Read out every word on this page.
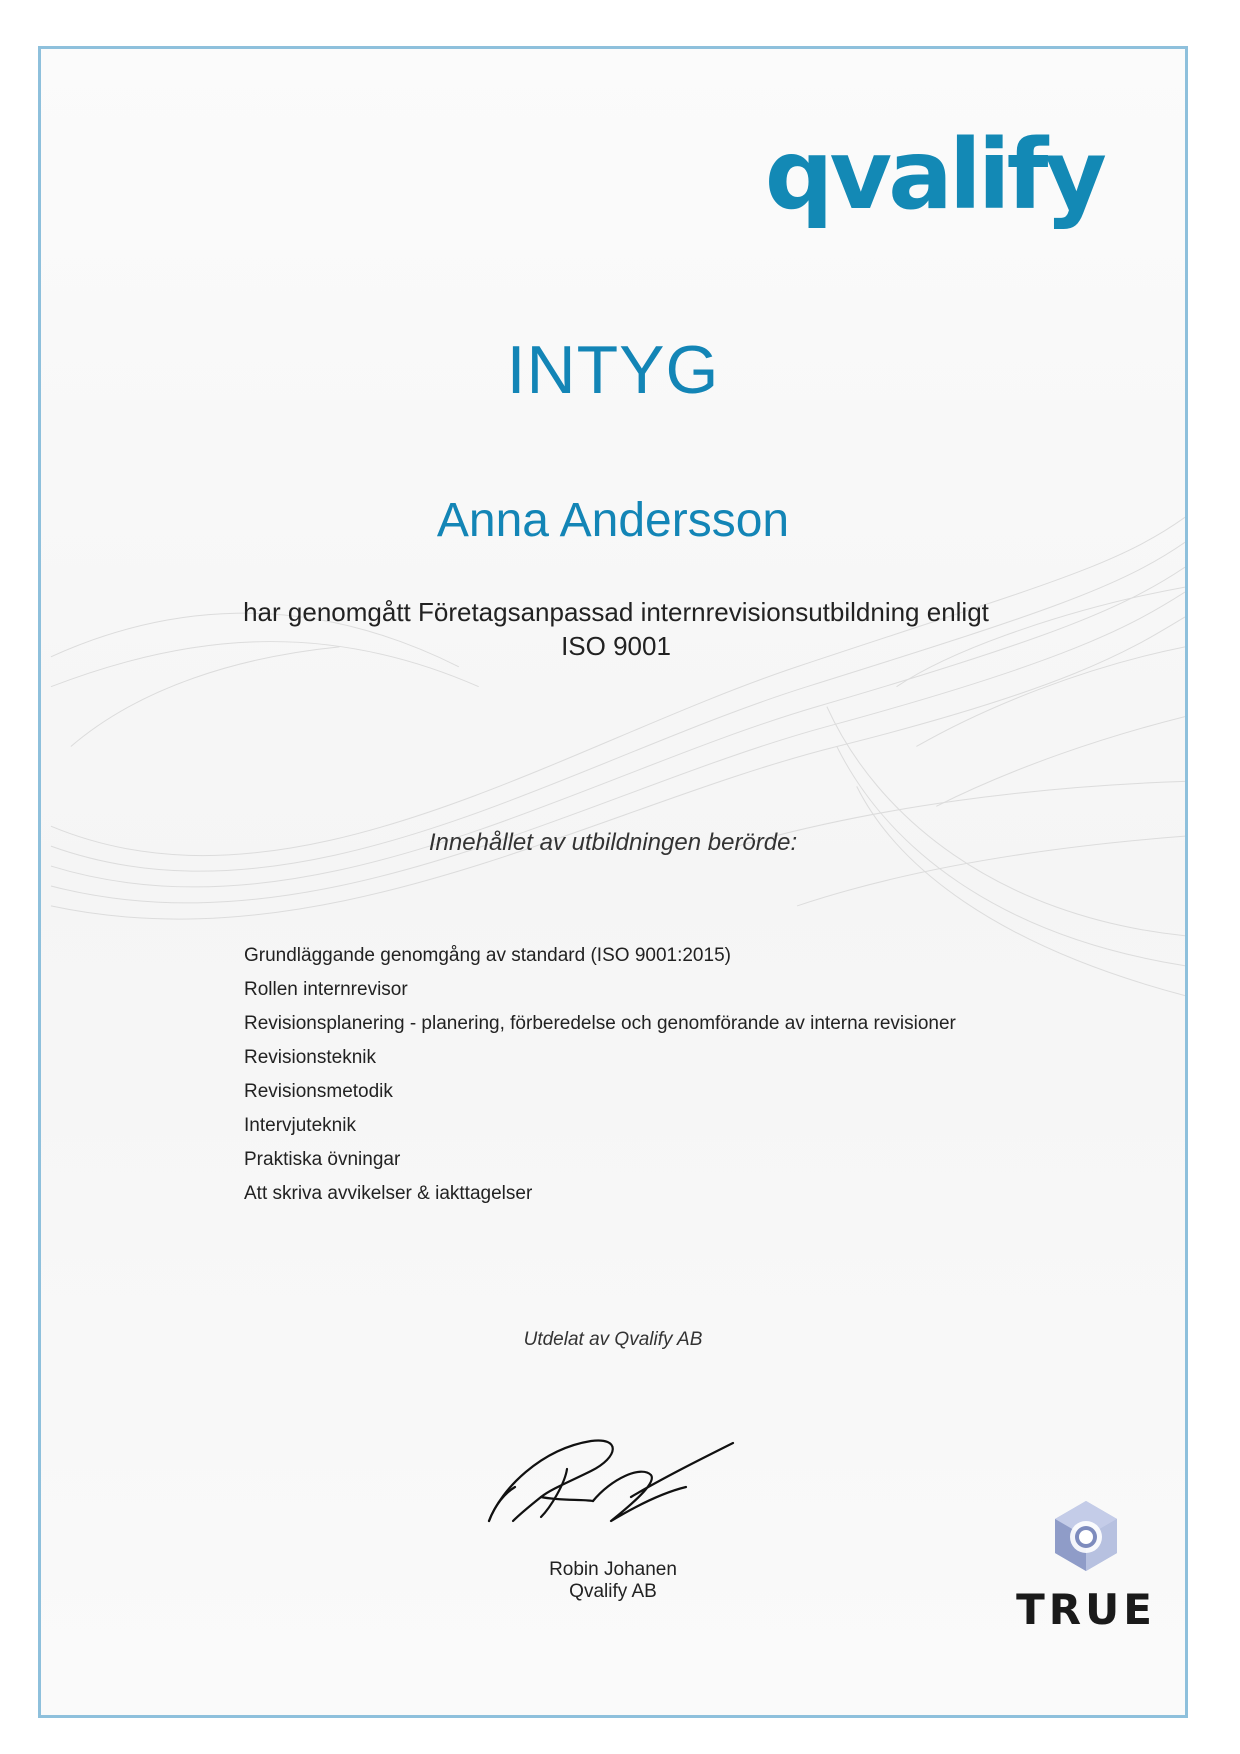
qvalify
INTYG
Anna Andersson
har genomgått Företagsanpassad internrevisionsutbildning enligt
ISO 9001
Innehållet av utbildningen berörde:
Grundläggande genomgång av standard (ISO 9001:2015)
Rollen internrevisor
Revisionsplanering - planering, förberedelse och genomförande av interna revisioner
Revisionsteknik
Revisionsmetodik
Intervjuteknik
Praktiska övningar
Att skriva avvikelser & iakttagelser
Utdelat av Qvalify AB
Robin Johanen
Qvalify AB	TRUE
